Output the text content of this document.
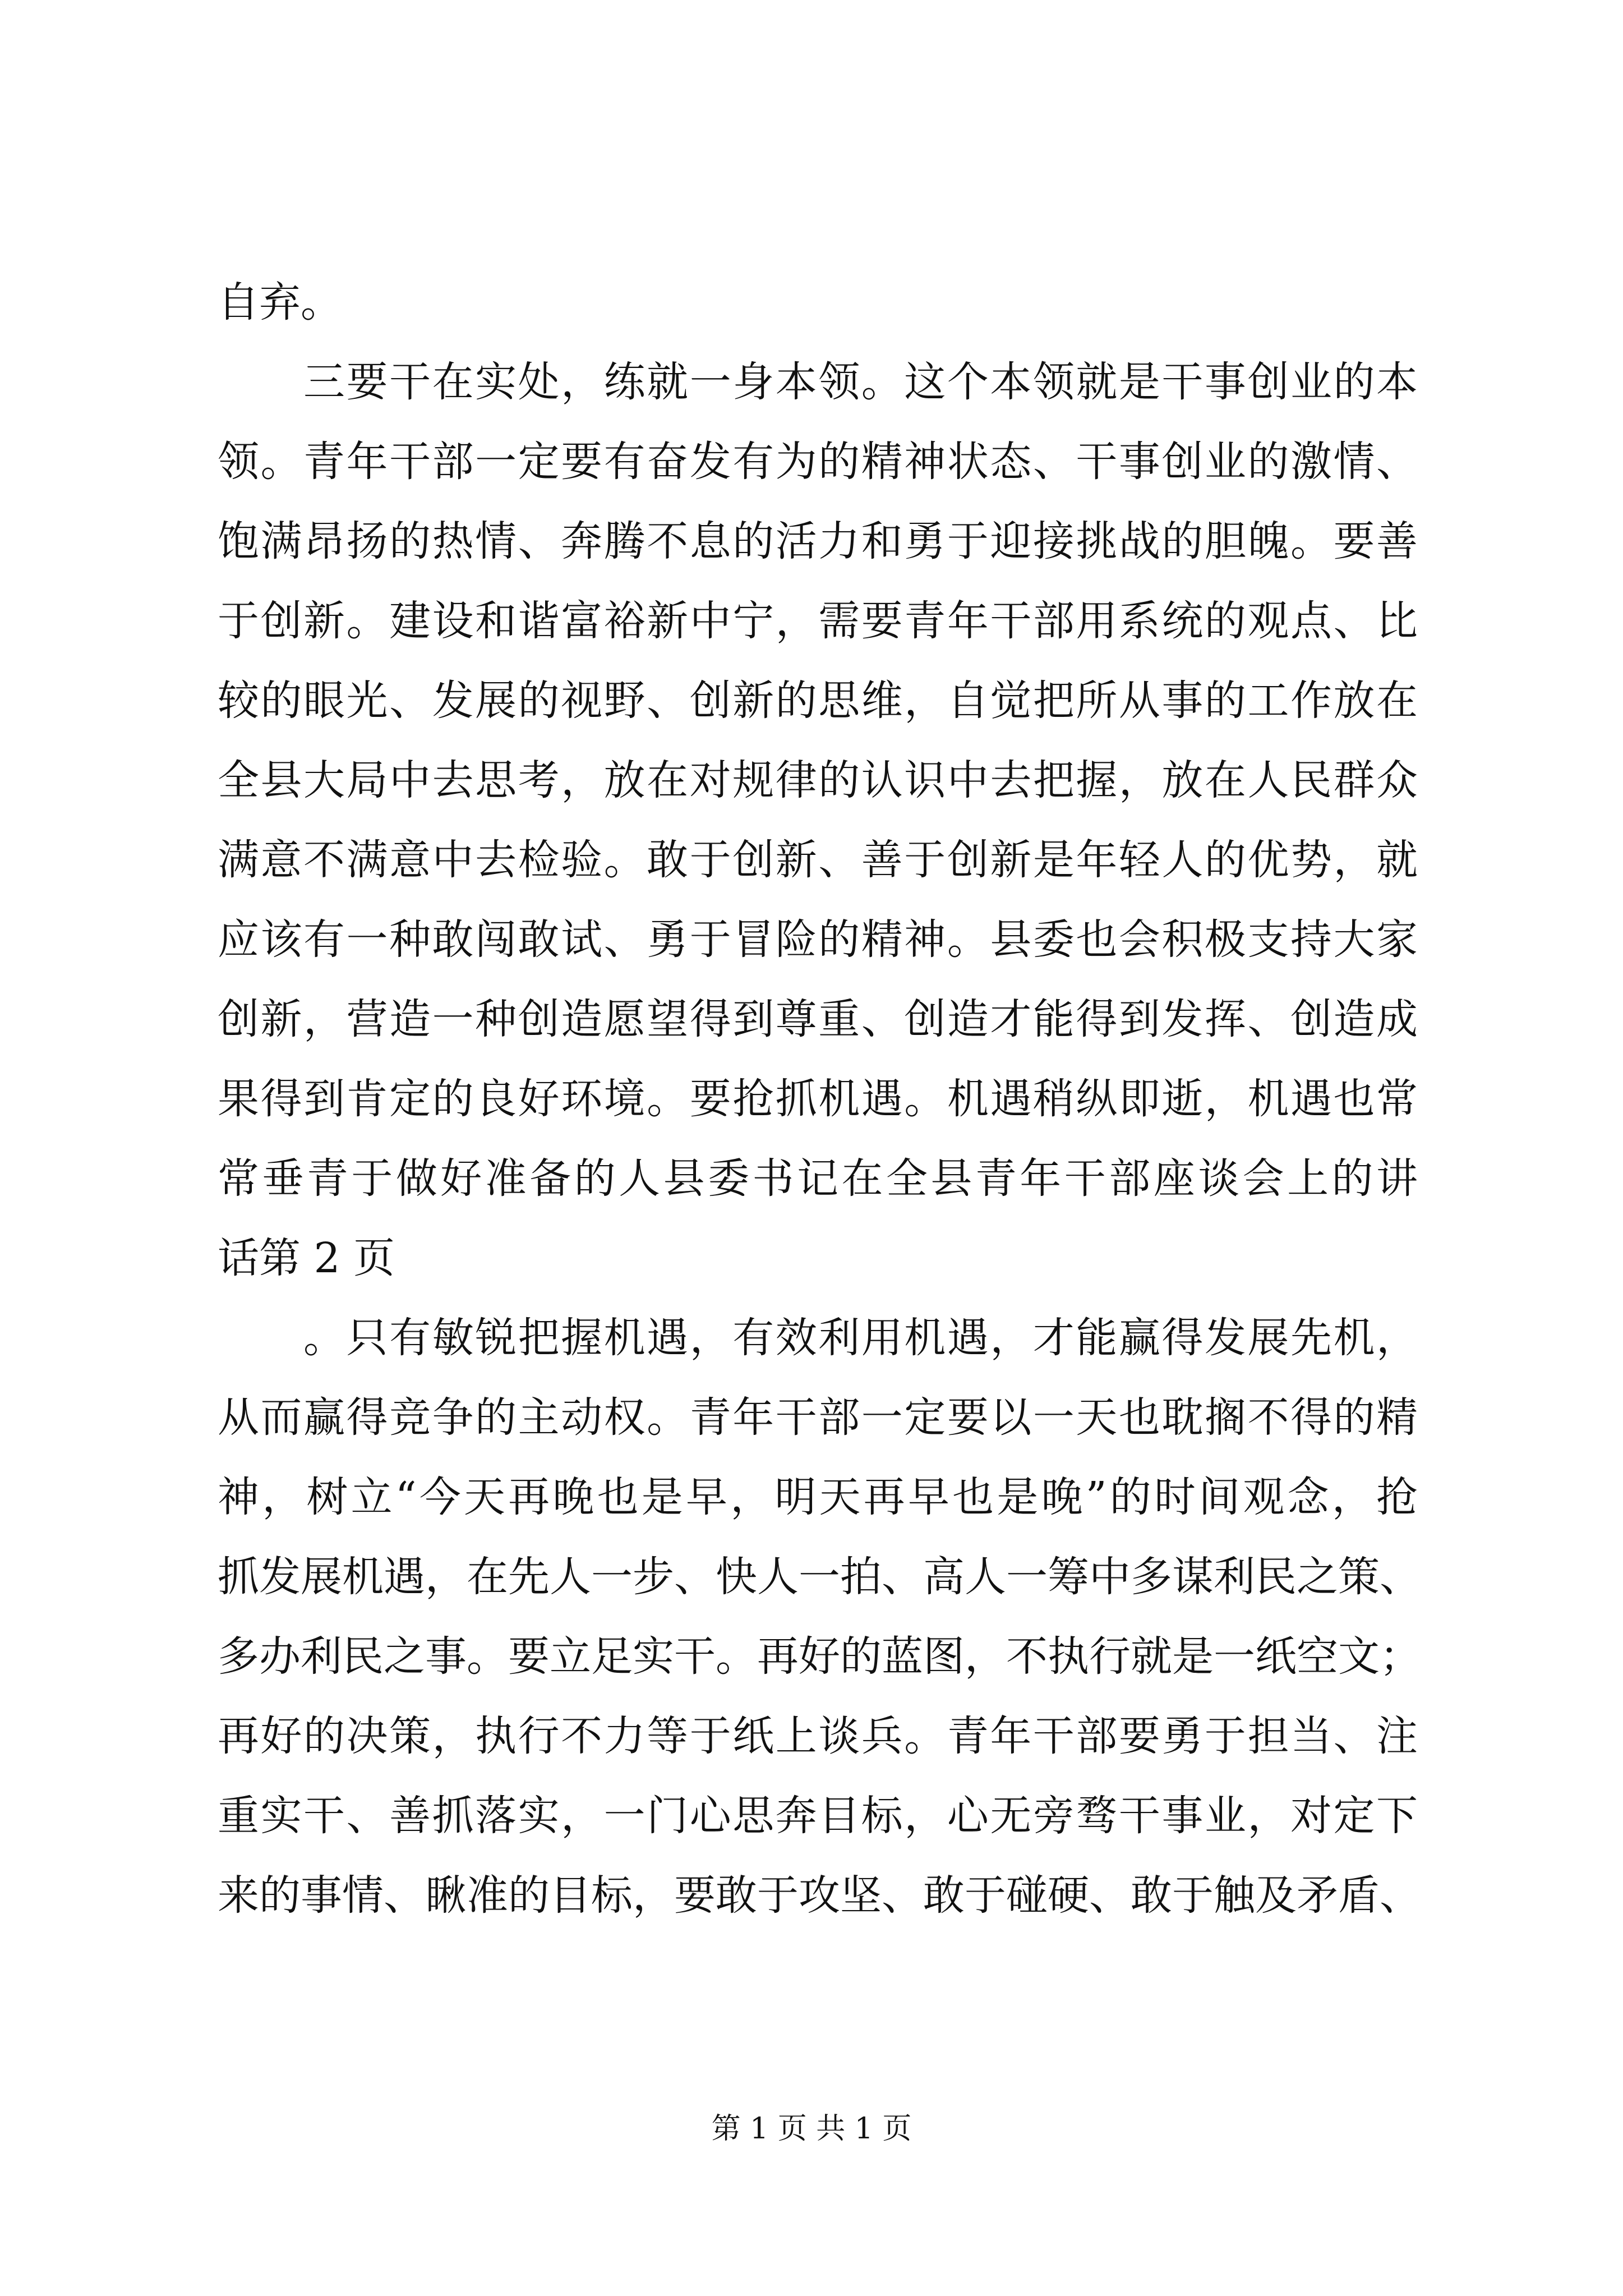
自弃。
　　三要干在实处，练就一身本领。这个本领就是干事创业的本
领。青年干部一定要有奋发有为的精神状态、干事创业的激情、
饱满昂扬的热情、奔腾不息的活力和勇于迎接挑战的胆魄。要善
于创新。建设和谐富裕新中宁，需要青年干部用系统的观点、比
较的眼光、发展的视野、创新的思维，自觉把所从事的工作放在
全县大局中去思考，放在对规律的认识中去把握，放在人民群众
满意不满意中去检验。敢于创新、善于创新是年轻人的优势，就
应该有一种敢闯敢试、勇于冒险的精神。县委也会积极支持大家
创新，营造一种创造愿望得到尊重、创造才能得到发挥、创造成
果得到肯定的良好环境。要抢抓机遇。机遇稍纵即逝，机遇也常
常垂青于做好准备的人县委书记在全县青年干部座谈会上的讲
话第 2 页
　　。只有敏锐把握机遇，有效利用机遇，才能赢得发展先机，
从而赢得竞争的主动权。青年干部一定要以一天也耽搁不得的精
神，树立“今天再晚也是早，明天再早也是晚”的时间观念，抢
抓发展机遇，在先人一步、快人一拍、高人一筹中多谋利民之策、
多办利民之事。要立足实干。再好的蓝图，不执行就是一纸空文；
再好的决策，执行不力等于纸上谈兵。青年干部要勇于担当、注
重实干、善抓落实，一门心思奔目标，心无旁骛干事业，对定下
来的事情、瞅准的目标，要敢于攻坚、敢于碰硬、敢于触及矛盾、
第 1 页 共 1 页
